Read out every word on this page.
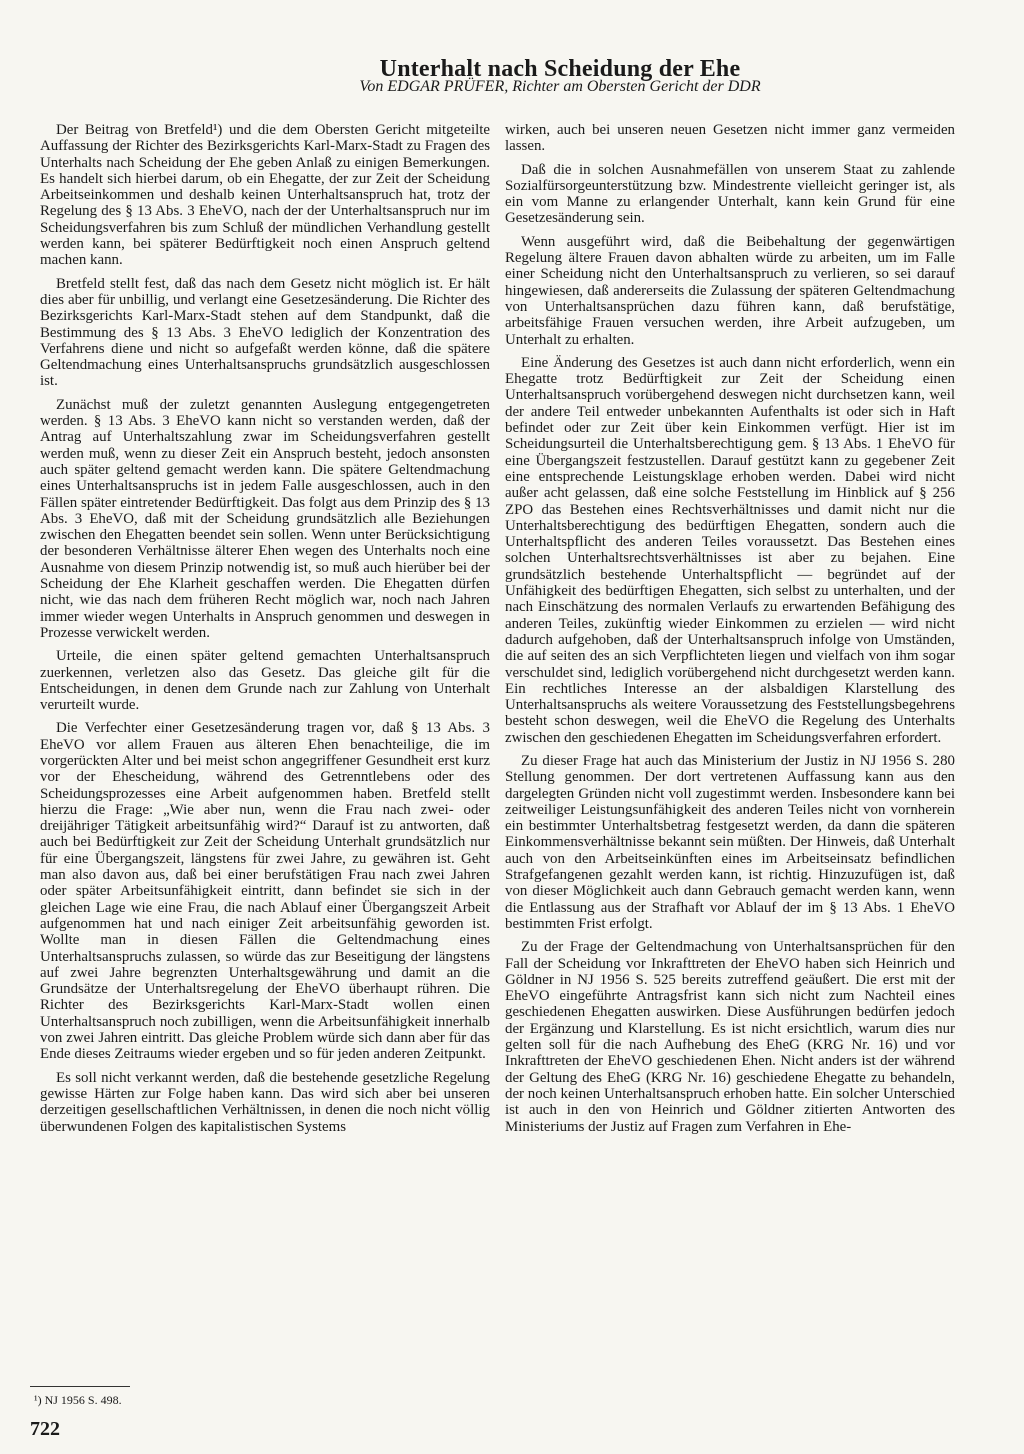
Unterhalt nach Scheidung der Ehe
Von EDGAR PRÜFER, Richter am Obersten Gericht der DDR

Der Beitrag von Bretfeld¹) und die dem Obersten Gericht mitgeteilte Auffassung der Richter des Bezirksgerichts Karl-Marx-Stadt zu Fragen des Unterhalts nach Scheidung der Ehe geben Anlaß zu einigen Bemerkungen. Es handelt sich hierbei darum, ob ein Ehegatte, der zur Zeit der Scheidung Arbeitseinkommen und deshalb keinen Unterhaltsanspruch hat, trotz der Regelung des § 13 Abs. 3 EheVO, nach der der Unterhaltsanspruch nur im Scheidungsverfahren bis zum Schluß der mündlichen Verhandlung gestellt werden kann, bei späterer Bedürftigkeit noch einen Anspruch geltend machen kann.

Bretfeld stellt fest, daß das nach dem Gesetz nicht möglich ist. Er hält dies aber für unbillig, und verlangt eine Gesetzesänderung. Die Richter des Bezirksgerichts Karl-Marx-Stadt stehen auf dem Standpunkt, daß die Bestimmung des § 13 Abs. 3 EheVO lediglich der Konzentration des Verfahrens diene und nicht so aufgefaßt werden könne, daß die spätere Geltendmachung eines Unterhaltsanspruchs grundsätzlich ausgeschlossen ist.

Zunächst muß der zuletzt genannten Auslegung entgegengetreten werden. § 13 Abs. 3 EheVO kann nicht so verstanden werden, daß der Antrag auf Unterhaltszahlung zwar im Scheidungsverfahren gestellt werden muß, wenn zu dieser Zeit ein Anspruch besteht, jedoch ansonsten auch später geltend gemacht werden kann. Die spätere Geltendmachung eines Unterhaltsanspruchs ist in jedem Falle ausgeschlossen, auch in den Fällen später eintretender Bedürftigkeit. Das folgt aus dem Prinzip des § 13 Abs. 3 EheVO, daß mit der Scheidung grundsätzlich alle Beziehungen zwischen den Ehegatten beendet sein sollen. Wenn unter Berücksichtigung der besonderen Verhältnisse älterer Ehen wegen des Unterhalts noch eine Ausnahme von diesem Prinzip notwendig ist, so muß auch hierüber bei der Scheidung der Ehe Klarheit geschaffen werden. Die Ehegatten dürfen nicht, wie das nach dem früheren Recht möglich war, noch nach Jahren immer wieder wegen Unterhalts in Anspruch genommen und deswegen in Prozesse verwickelt werden.

Urteile, die einen später geltend gemachten Unterhaltsanspruch zuerkennen, verletzen also das Gesetz. Das gleiche gilt für die Entscheidungen, in denen dem Grunde nach zur Zahlung von Unterhalt verurteilt wurde.

Die Verfechter einer Gesetzesänderung tragen vor, daß § 13 Abs. 3 EheVO vor allem Frauen aus älteren Ehen benachteilige, die im vorgerückten Alter und bei meist schon angegriffener Gesundheit erst kurz vor der Ehescheidung, während des Getrenntlebens oder des Scheidungsprozesses eine Arbeit aufgenommen haben. Bretfeld stellt hierzu die Frage: „Wie aber nun, wenn die Frau nach zwei- oder dreijähriger Tätigkeit arbeitsunfähig wird?“ Darauf ist zu antworten, daß auch bei Bedürftigkeit zur Zeit der Scheidung Unterhalt grundsätzlich nur für eine Übergangszeit, längstens für zwei Jahre, zu gewähren ist. Geht man also davon aus, daß bei einer berufstätigen Frau nach zwei Jahren oder später Arbeitsunfähigkeit eintritt, dann befindet sie sich in der gleichen Lage wie eine Frau, die nach Ablauf einer Übergangszeit Arbeit aufgenommen hat und nach einiger Zeit arbeitsunfähig geworden ist. Wollte man in diesen Fällen die Geltendmachung eines Unterhaltsanspruchs zulassen, so würde das zur Beseitigung der längstens auf zwei Jahre begrenzten Unterhaltsgewährung und damit an die Grundsätze der Unterhaltsregelung der EheVO überhaupt rühren. Die Richter des Bezirksgerichts Karl-Marx-Stadt wollen einen Unterhaltsanspruch noch zubilligen, wenn die Arbeitsunfähigkeit innerhalb von zwei Jahren eintritt. Das gleiche Problem würde sich dann aber für das Ende dieses Zeitraums wieder ergeben und so für jeden anderen Zeitpunkt.

Es soll nicht verkannt werden, daß die bestehende gesetzliche Regelung gewisse Härten zur Folge haben kann. Das wird sich aber bei unseren derzeitigen gesellschaftlichen Verhältnissen, in denen die noch nicht völlig überwundenen Folgen des kapitalistischen Systems

wirken, auch bei unseren neuen Gesetzen nicht immer ganz vermeiden lassen.

Daß die in solchen Ausnahmefällen von unserem Staat zu zahlende Sozialfürsorgeunterstützung bzw. Mindestrente vielleicht geringer ist, als ein vom Manne zu erlangender Unterhalt, kann kein Grund für eine Gesetzesänderung sein.

Wenn ausgeführt wird, daß die Beibehaltung der gegenwärtigen Regelung ältere Frauen davon abhalten würde zu arbeiten, um im Falle einer Scheidung nicht den Unterhaltsanspruch zu verlieren, so sei darauf hingewiesen, daß andererseits die Zulassung der späteren Geltendmachung von Unterhaltsansprüchen dazu führen kann, daß berufstätige, arbeitsfähige Frauen versuchen werden, ihre Arbeit aufzugeben, um Unterhalt zu erhalten.

Eine Änderung des Gesetzes ist auch dann nicht erforderlich, wenn ein Ehegatte trotz Bedürftigkeit zur Zeit der Scheidung einen Unterhaltsanspruch vorübergehend deswegen nicht durchsetzen kann, weil der andere Teil entweder unbekannten Aufenthalts ist oder sich in Haft befindet oder zur Zeit über kein Einkommen verfügt. Hier ist im Scheidungsurteil die Unterhaltsberechtigung gem. § 13 Abs. 1 EheVO für eine Übergangszeit festzustellen. Darauf gestützt kann zu gegebener Zeit eine entsprechende Leistungsklage erhoben werden. Dabei wird nicht außer acht gelassen, daß eine solche Feststellung im Hinblick auf § 256 ZPO das Bestehen eines Rechtsverhältnisses und damit nicht nur die Unterhaltsberechtigung des bedürftigen Ehegatten, sondern auch die Unterhaltspflicht des anderen Teiles voraussetzt. Das Bestehen eines solchen Unterhaltsrechtsverhältnisses ist aber zu bejahen. Eine grundsätzlich bestehende Unterhaltspflicht — begründet auf der Unfähigkeit des bedürftigen Ehegatten, sich selbst zu unterhalten, und der nach Einschätzung des normalen Verlaufs zu erwartenden Befähigung des anderen Teiles, zukünftig wieder Einkommen zu erzielen — wird nicht dadurch aufgehoben, daß der Unterhaltsanspruch infolge von Umständen, die auf seiten des an sich Verpflichteten liegen und vielfach von ihm sogar verschuldet sind, lediglich vorübergehend nicht durchgesetzt werden kann. Ein rechtliches Interesse an der alsbaldigen Klarstellung des Unterhaltsanspruchs als weitere Voraussetzung des Feststellungsbegehrens besteht schon deswegen, weil die EheVO die Regelung des Unterhalts zwischen den geschiedenen Ehegatten im Scheidungsverfahren erfordert.

Zu dieser Frage hat auch das Ministerium der Justiz in NJ 1956 S. 280 Stellung genommen. Der dort vertretenen Auffassung kann aus den dargelegten Gründen nicht voll zugestimmt werden. Insbesondere kann bei zeitweiliger Leistungsunfähigkeit des anderen Teiles nicht von vornherein ein bestimmter Unterhaltsbetrag festgesetzt werden, da dann die späteren Einkommensverhältnisse bekannt sein müßten. Der Hinweis, daß Unterhalt auch von den Arbeitseinkünften eines im Arbeitseinsatz befindlichen Strafgefangenen gezahlt werden kann, ist richtig. Hinzuzufügen ist, daß von dieser Möglichkeit auch dann Gebrauch gemacht werden kann, wenn die Entlassung aus der Strafhaft vor Ablauf der im § 13 Abs. 1 EheVO bestimmten Frist erfolgt.

Zu der Frage der Geltendmachung von Unterhaltsansprüchen für den Fall der Scheidung vor Inkrafttreten der EheVO haben sich Heinrich und Göldner in NJ 1956 S. 525 bereits zutreffend geäußert. Die erst mit der EheVO eingeführte Antragsfrist kann sich nicht zum Nachteil eines geschiedenen Ehegatten auswirken. Diese Ausführungen bedürfen jedoch der Ergänzung und Klarstellung. Es ist nicht ersichtlich, warum dies nur gelten soll für die nach Aufhebung des EheG (KRG Nr. 16) und vor Inkrafttreten der EheVO geschiedenen Ehen. Nicht anders ist der während der Geltung des EheG (KRG Nr. 16) geschiedene Ehegatte zu behandeln, der noch keinen Unterhaltsanspruch erhoben hatte. Ein solcher Unterschied ist auch in den von Heinrich und Göldner zitierten Antworten des Ministeriums der Justiz auf Fragen zum Verfahren in Ehe-

¹) NJ 1956 S. 498.
722
